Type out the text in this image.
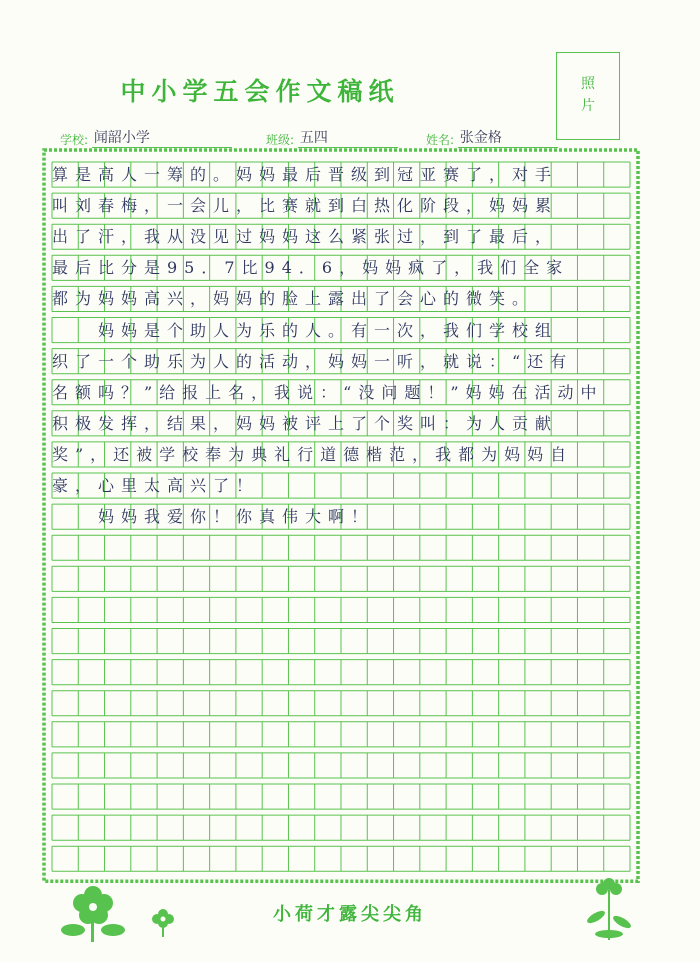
中小学五会作文稿纸	照
片
学校: 闻韶小学	班级: 五四	姓名: 张金格
算是高人一筹的。妈妈最后晋级到冠亚赛了，对手
叫刘春梅，一会儿，比赛就到白热化阶段，妈妈累
出了汗，我从没见过妈妈这么紧张过，到了最后，
最后比分是95．7比94．6，妈妈疯了，我们全家
都为妈妈高兴，妈妈的脸上露出了会心的微笑。
　　妈妈是个助人为乐的人。有一次，我们学校组
织了一个助乐为人的活动，妈妈一听，就说：“还有
名额吗？”给报上名，我说：“没问题！”妈妈在活动中
积极发挥，结果，妈妈被评上了个奖叫：为人贡献
奖”，还被学校奉为典礼行道德楷范，我都为妈妈自
豪，心里太高兴了！
　　妈妈我爱你！你真伟大啊！
小荷才露尖尖角
